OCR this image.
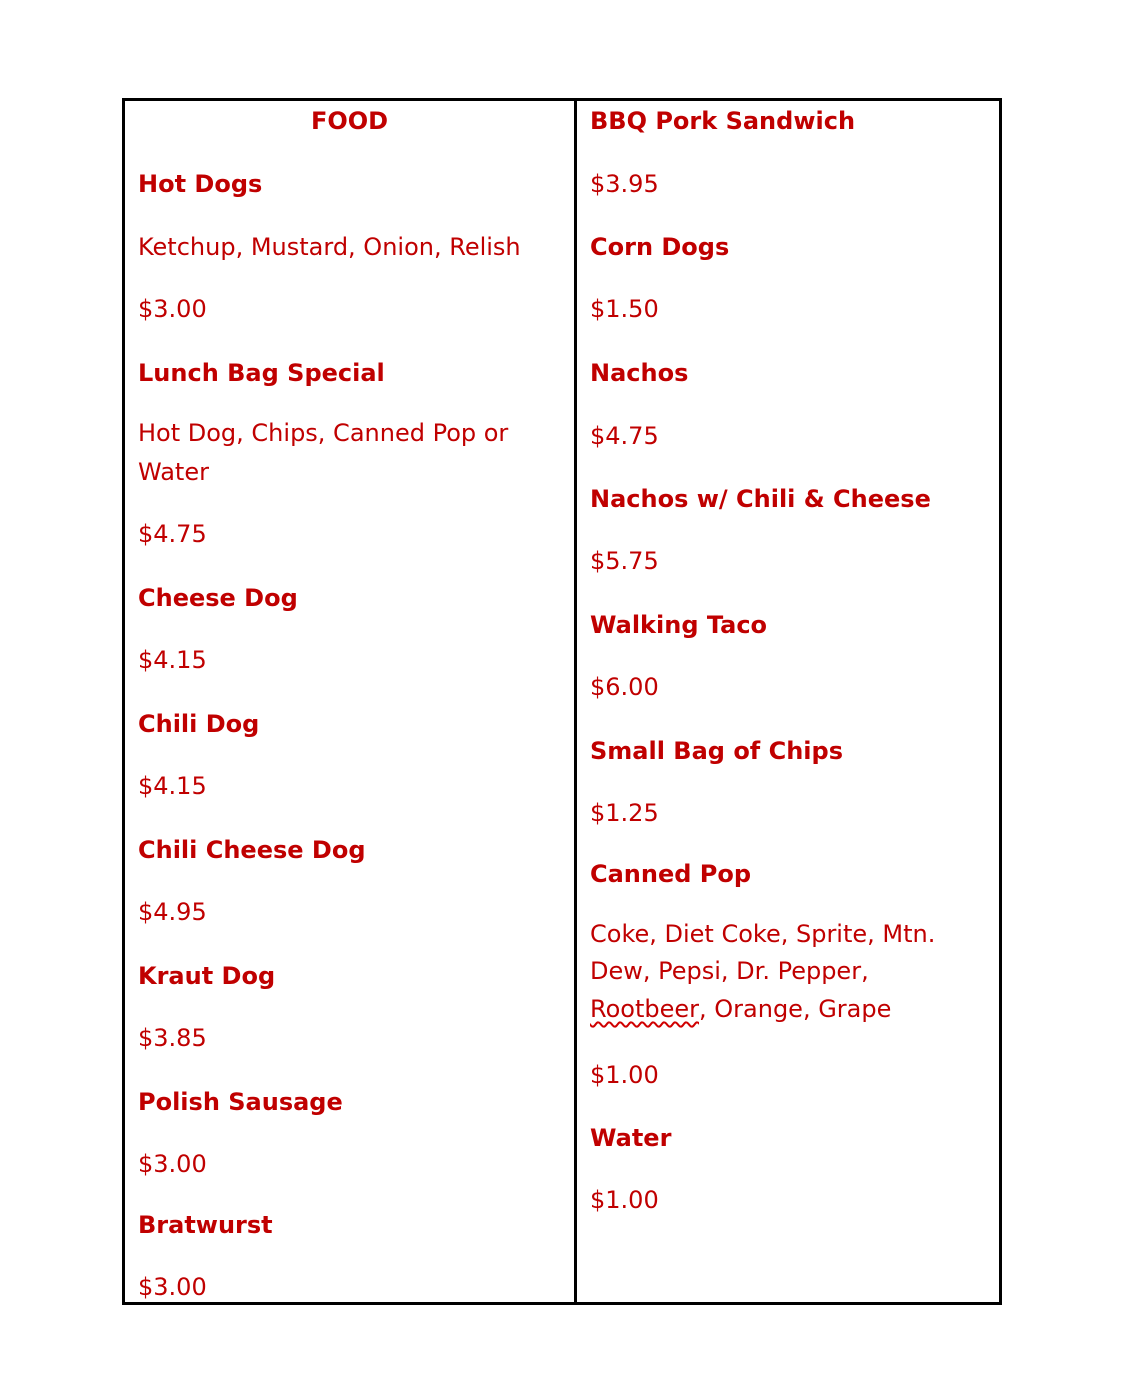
FOOD
Hot Dogs
Ketchup, Mustard, Onion, Relish
$3.00
Lunch Bag Special
Hot Dog, Chips, Canned Pop or
Water
$4.75
Cheese Dog
$4.15
Chili Dog
$4.15
Chili Cheese Dog
$4.95
Kraut Dog
$3.85
Polish Sausage
$3.00
Bratwurst
$3.00
BBQ Pork Sandwich
$3.95
Corn Dogs
$1.50
Nachos
$4.75
Nachos w/ Chili & Cheese
$5.75
Walking Taco
$6.00
Small Bag of Chips
$1.25
Canned Pop
Coke, Diet Coke, Sprite, Mtn.
Dew, Pepsi, Dr. Pepper,
Rootbeer, Orange, Grape
$1.00
Water
$1.00
